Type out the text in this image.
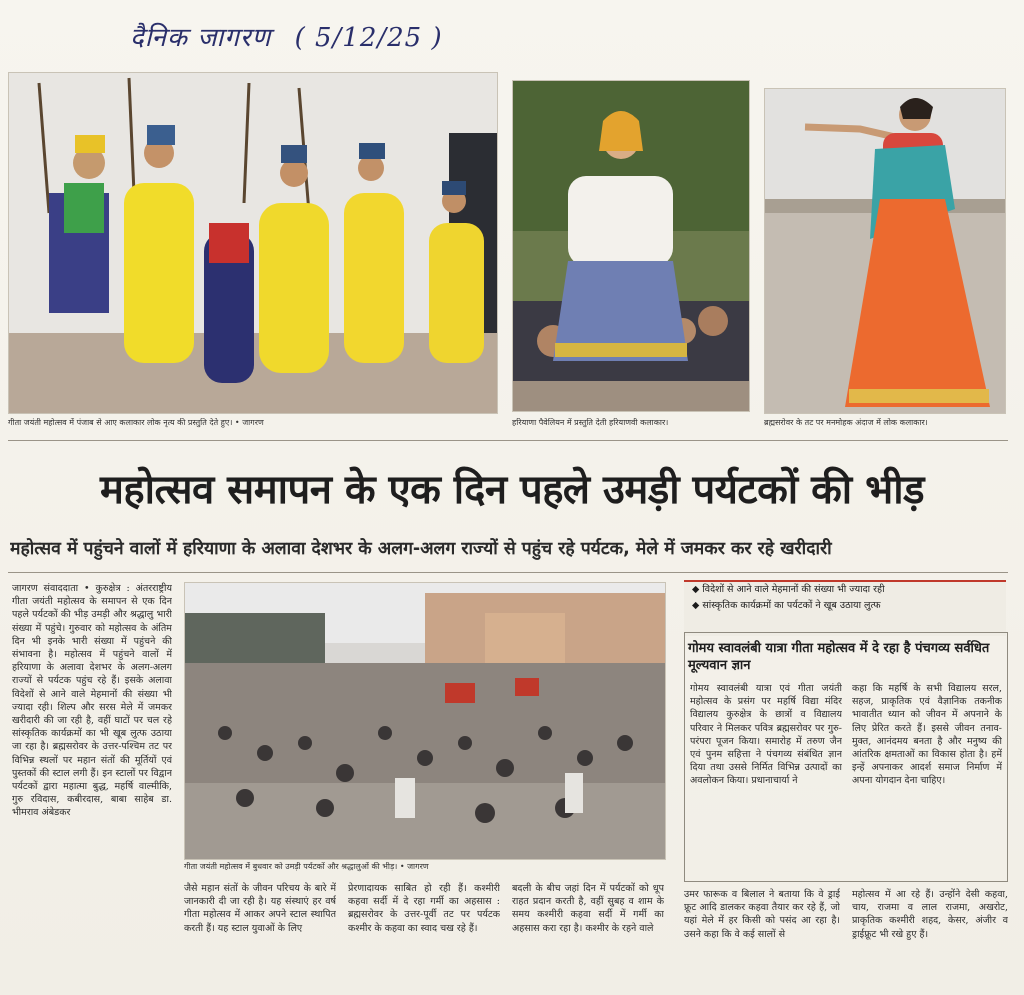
दैनिक जागरण ( 5/12/25 )
गीता जयंती महोत्सव में पंजाब से आए कलाकार लोक नृत्य की प्रस्तुति देते हुए। • जागरण	हरियाणा पैवेलियन में प्रस्तुति देती हरियाणवी कलाकार।	ब्रह्मसरोवर के तट पर मनमोहक अंदाज में लोक कलाकार।
महोत्सव समापन के एक दिन पहले उमड़ी पर्यटकों की भीड़
महोत्सव में पहुंचने वालों में हरियाणा के अलावा देशभर के अलग-अलग राज्यों से पहुंच रहे पर्यटक, मेले में जमकर कर रहे खरीदारी
जागरण संवाददाता • कुरुक्षेत्र : अंतरराष्ट्रीय गीता जयंती महोत्सव के समापन से एक दिन पहले पर्यटकों की भीड़ उमड़ी और श्रद्धालु भारी संख्या में पहुंचे। गुरुवार को महोत्सव के अंतिम दिन भी इनके भारी संख्या में पहुंचने की संभावना है। महोत्सव में पहुंचने वालों में हरियाणा के अलावा देशभर के अलग-अलग राज्यों से पर्यटक पहुंच रहे हैं। इसके अलावा विदेशों से आने वाले मेहमानों की संख्या भी ज्यादा रही। शिल्प और सरस मेले में जमकर खरीदारी की जा रही है, वहीं घाटों पर चल रहे सांस्कृतिक कार्यक्रमों का भी खूब लुत्फ उठाया जा रहा है। ब्रह्मसरोवर के उत्तर-पश्चिम तट पर विभिन्न स्थलों पर महान संतों की मूर्तियों एवं पुस्तकों की स्टाल लगी हैं। इन स्टालों पर विद्वान पर्यटकों द्वारा महात्मा बुद्ध, महर्षि वाल्मीकि, गुरु रविदास, कबीरदास, बाबा साहेब डा. भीमराव अंबेडकर
गीता जयंती महोत्सव में बुधवार को उमड़ी पर्यटकों और श्रद्धालुओं की भीड़। • जागरण
जैसे महान संतों के जीवन परिचय के बारे में जानकारी दी जा रही है। यह संस्थाएं हर वर्ष गीता महोत्सव में आकर अपने स्टाल स्थापित करती हैं। यह स्टाल युवाओं के लिए
प्रेरणादायक साबित हो रही हैं। कश्मीरी कहवा सर्दी में दे रहा गर्मी का अहसास : ब्रह्मसरोवर के उत्तर-पूर्वी तट पर पर्यटक कश्मीर के कहवा का स्वाद चख रहे हैं।
बदली के बीच जहां दिन में पर्यटकों को धूप राहत प्रदान करती है, वहीं सुबह व शाम के समय कश्मीरी कहवा सर्दी में गर्मी का अहसास करा रहा है। कश्मीर के रहने वाले
◆ विदेशों से आने वाले मेहमानों की संख्या भी ज्यादा रही
◆ सांस्कृतिक कार्यक्रमों का पर्यटकों ने खूब उठाया लुत्फ
गोमय स्वावलंबी यात्रा गीता महोत्सव में दे रहा है पंचगव्य सर्वधित मूल्यवान ज्ञान
गोमय स्वावलंबी यात्रा एवं गीता जयंती महोत्सव के प्रसंग पर महर्षि विद्या मंदिर विद्यालय कुरुक्षेत्र के छात्रों व विद्यालय परिवार ने मिलकर पवित्र ब्रह्मसरोवर पर गुरु-परंपरा पूजन किया। समारोह में तरुण जैन एवं पुनम सहित्ता ने पंचगव्य संबंधित ज्ञान दिया तथा उससे निर्मित विभिन्न उत्पादों का अवलोकन किया। प्रधानाचार्या ने
कहा कि महर्षि के सभी विद्यालय सरल, सहज, प्राकृतिक एवं वैज्ञानिक तकनीक भावातीत ध्यान को जीवन में अपनाने के लिए प्रेरित करते हैं। इससे जीवन तनाव-मुक्त, आनंदमय बनता है और मनुष्य की आंतरिक क्षमताओं का विकास होता है। हमें इन्हें अपनाकर आदर्श समाज निर्माण में अपना योगदान देना चाहिए।
उमर फारूक व बिलाल ने बताया कि वे ड्राई फ्रूट आदि डालकर कहवा तैयार कर रहे हैं, जो यहां मेले में हर किसी को पसंद आ रहा है। उसने कहा कि वे कई सालों से
महोत्सव में आ रहे हैं। उन्होंने देसी कहवा, चाय, राजमा व लाल राजमा, अखरोट, प्राकृतिक कश्मीरी शहद, केसर, अंजीर व ड्राईफ्रूट भी रखे हुए हैं।
